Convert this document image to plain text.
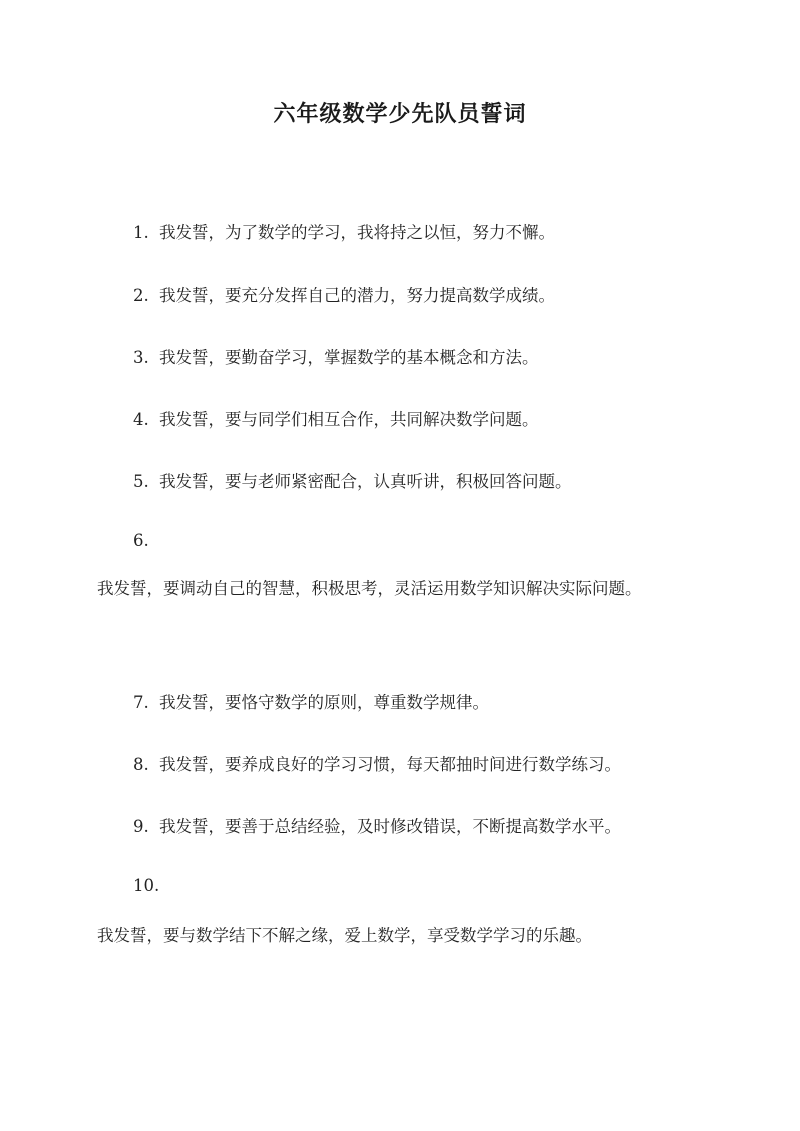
六年级数学少先队员誓词
1. 我发誓，为了数学的学习，我将持之以恒，努力不懈。
2. 我发誓，要充分发挥自己的潜力，努力提高数学成绩。
3. 我发誓，要勤奋学习，掌握数学的基本概念和方法。
4. 我发誓，要与同学们相互合作，共同解决数学问题。
5. 我发誓，要与老师紧密配合，认真听讲，积极回答问题。
6.
我发誓，要调动自己的智慧，积极思考，灵活运用数学知识解决实际问题。
7. 我发誓，要恪守数学的原则，尊重数学规律。
8. 我发誓，要养成良好的学习习惯，每天都抽时间进行数学练习。
9. 我发誓，要善于总结经验，及时修改错误，不断提高数学水平。
10.
我发誓，要与数学结下不解之缘，爱上数学，享受数学学习的乐趣。
